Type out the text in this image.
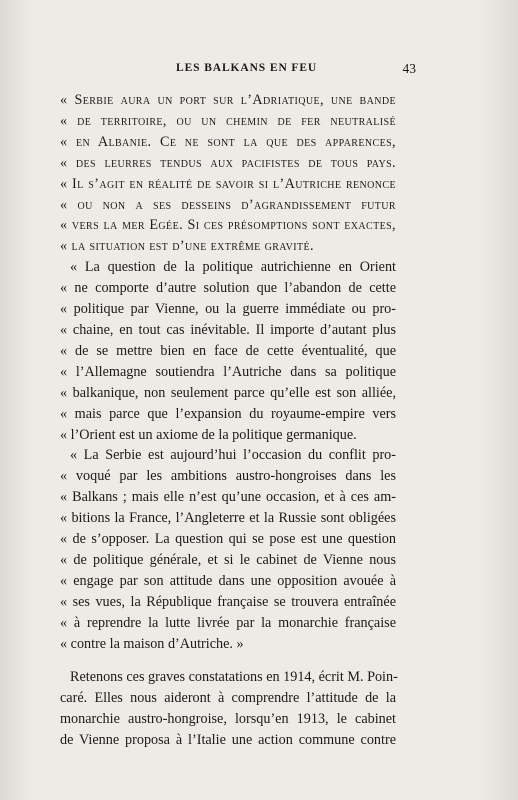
LES BALKANS EN FEU	43
« Serbie aura un port sur l’Adriatique, une bande
« de territoire, ou un chemin de fer neutralisé
« en Albanie. Ce ne sont la que des apparences,
« des leurres tendus aux pacifistes de tous pays.
« Il s’agit en réalité de savoir si l’Autriche renonce
« ou non a ses desseins d’agrandissement futur
« vers la mer Egée. Si ces présomptions sont exactes,
« la situation est d’une extrême gravité.
« La question de la politique autrichienne en Orient
« ne comporte d’autre solution que l’abandon de cette
« politique par Vienne, ou la guerre immédiate ou pro-
« chaine, en tout cas inévitable. Il importe d’autant plus
« de se mettre bien en face de cette éventualité, que
« l’Allemagne soutiendra l’Autriche dans sa politique
« balkanique, non seulement parce qu’elle est son alliée,
« mais parce que l’expansion du royaume-empire vers
« l’Orient est un axiome de la politique germanique.
« La Serbie est aujourd’hui l’occasion du conflit pro-
« voqué par les ambitions austro-hongroises dans les
« Balkans ; mais elle n’est qu’une occasion, et à ces am-
« bitions la France, l’Angleterre et la Russie sont obligées
« de s’opposer. La question qui se pose est une question
« de politique générale, et si le cabinet de Vienne nous
« engage par son attitude dans une opposition avouée à
« ses vues, la République française se trouvera entraînée
« à reprendre la lutte livrée par la monarchie française
« contre la maison d’Autriche. »
Retenons ces graves constatations en 1914, écrit M. Poin-
caré. Elles nous aideront à comprendre l’attitude de la
monarchie austro-hongroise, lorsqu’en 1913, le cabinet
de Vienne proposa à l’Italie une action commune contre
